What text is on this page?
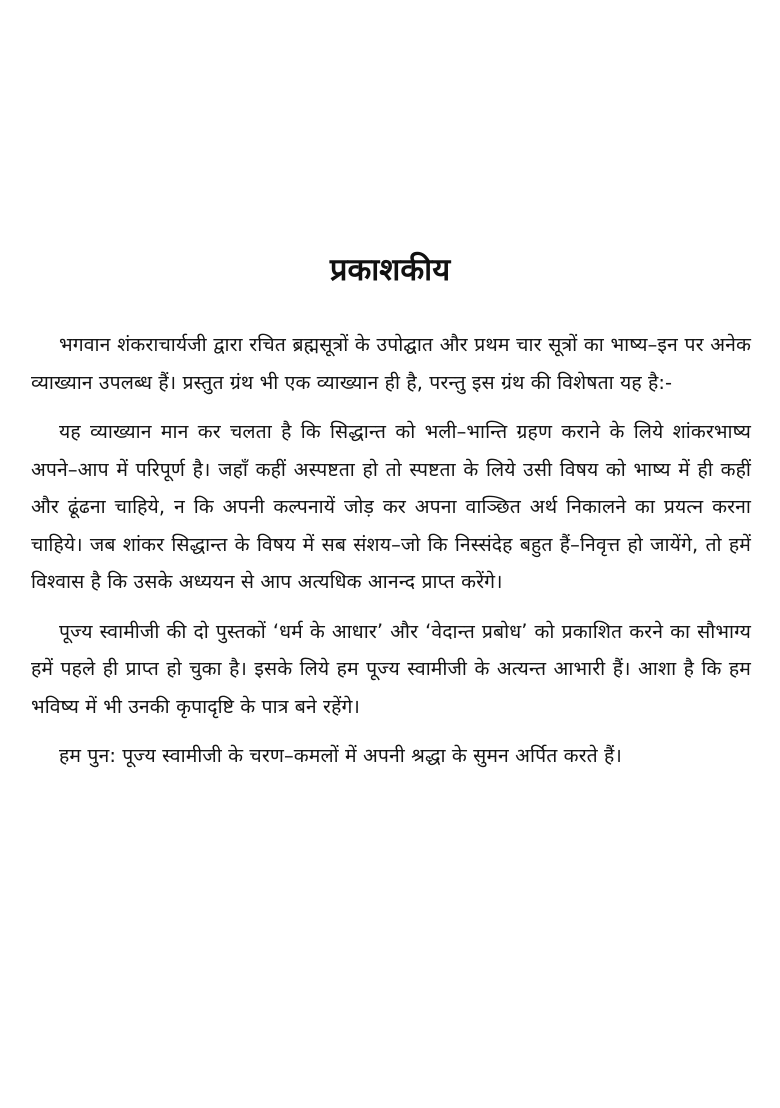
प्रकाशकीय

भगवान शंकराचार्यजी द्वारा रचित ब्रह्मसूत्रों के उपोद्घात और प्रथम चार सूत्रों का भाष्य–इन पर अनेक व्याख्यान उपलब्ध हैं। प्रस्तुत ग्रंथ भी एक व्याख्यान ही है, परन्तु इस ग्रंथ की विशेषता यह है:-

यह व्याख्यान मान कर चलता है कि सिद्धान्त को भली–भान्ति ग्रहण कराने के लिये शांकरभाष्य अपने–आप में परिपूर्ण है। जहाँ कहीं अस्पष्टता हो तो स्पष्टता के लिये उसी विषय को भाष्य में ही कहीं और ढूंढना चाहिये, न कि अपनी कल्पनायें जोड़ कर अपना वाञ्छित अर्थ निकालने का प्रयत्न करना चाहिये। जब शांकर सिद्धान्त के विषय में सब संशय–जो कि निस्संदेह बहुत हैं–निवृत्त हो जायेंगे, तो हमें विश्वास है कि उसके अध्ययन से आप अत्यधिक आनन्द प्राप्त करेंगे।

पूज्य स्वामीजी की दो पुस्तकों ‘धर्म के आधार’ और ‘वेदान्त प्रबोध’ को प्रकाशित करने का सौभाग्य हमें पहले ही प्राप्त हो चुका है। इसके लिये हम पूज्य स्वामीजी के अत्यन्त आभारी हैं। आशा है कि हम भविष्य में भी उनकी कृपादृष्टि के पात्र बने रहेंगे।

हम पुन: पूज्य स्वामीजी के चरण–कमलों में अपनी श्रद्धा के सुमन अर्पित करते हैं।
